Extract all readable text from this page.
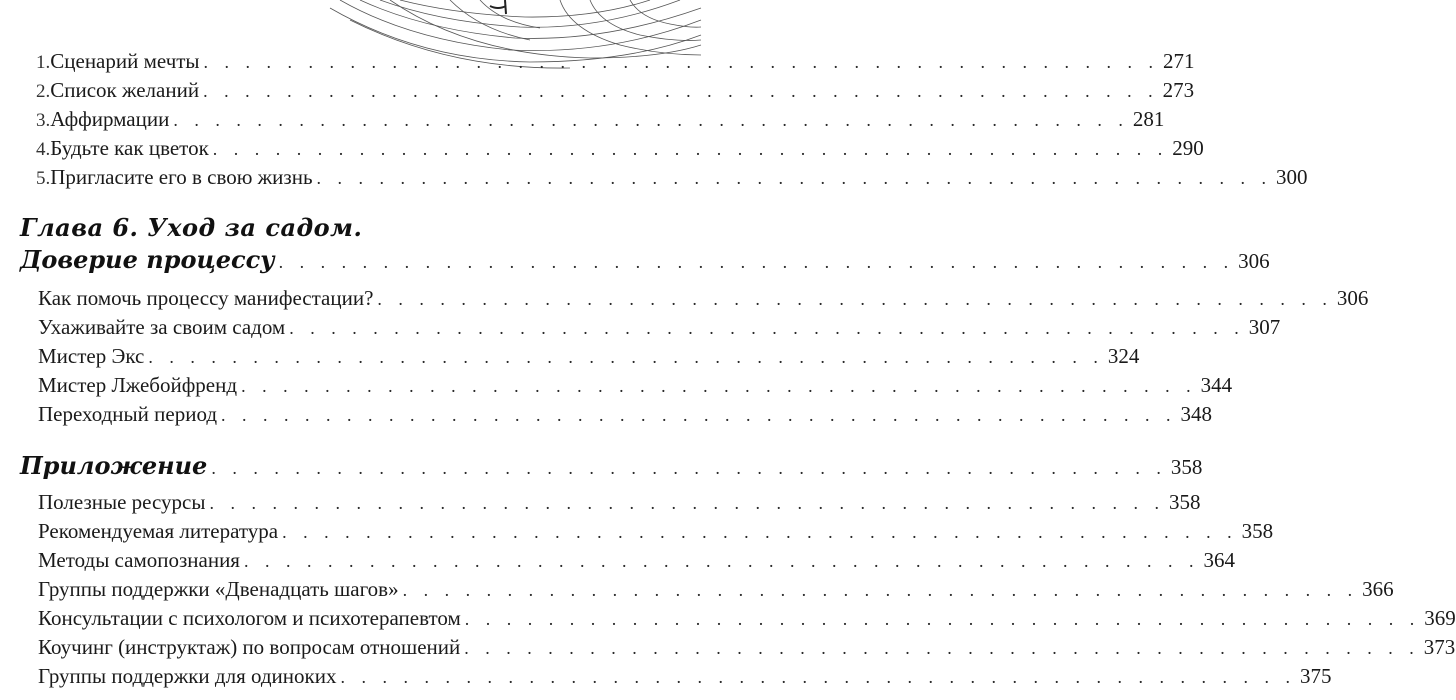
1. Сценарий мечты . . . . . . . . . . . . . . . . . . . . . . . . . . . . . . . . . . . . . . . . . . . . . . 271
2. Список желаний . . . . . . . . . . . . . . . . . . . . . . . . . . . . . . . . . . . . . . . . . . . . . . 273
3. Аффирмации . . . . . . . . . . . . . . . . . . . . . . . . . . . . . . . . . . . . . . . . . . . . . . 281
4. Будьте как цветок . . . . . . . . . . . . . . . . . . . . . . . . . . . . . . . . . . . . . . . . . . . . . . 290
5. Пригласите его в свою жизнь . . . . . . . . . . . . . . . . . . . . . . . . . . . . . . . . . . . . . . . . . . . . . . 300
Глава 6. Уход за садом.
Доверие процессу . . . . . . . . . . . . . . . . . . . . . . . . . . . . . . . . . . . . . . . . . . . . . . 306
Как помочь процессу манифестации? . . . . . . . . . . . . . . . . . . . . . . . . . . . . . . . . . . . . . . . . . . . . . . 306
Ухаживайте за своим садом . . . . . . . . . . . . . . . . . . . . . . . . . . . . . . . . . . . . . . . . . . . . . . 307
Мистер Экс . . . . . . . . . . . . . . . . . . . . . . . . . . . . . . . . . . . . . . . . . . . . . . 324
Мистер Лжебойфренд . . . . . . . . . . . . . . . . . . . . . . . . . . . . . . . . . . . . . . . . . . . . . . 344
Переходный период . . . . . . . . . . . . . . . . . . . . . . . . . . . . . . . . . . . . . . . . . . . . . . 348
Приложение . . . . . . . . . . . . . . . . . . . . . . . . . . . . . . . . . . . . . . . . . . . . . . 358
Полезные ресурсы . . . . . . . . . . . . . . . . . . . . . . . . . . . . . . . . . . . . . . . . . . . . . . 358
Рекомендуемая литература . . . . . . . . . . . . . . . . . . . . . . . . . . . . . . . . . . . . . . . . . . . . . . 358
Методы самопознания . . . . . . . . . . . . . . . . . . . . . . . . . . . . . . . . . . . . . . . . . . . . . . 364
Группы поддержки «Двенадцать шагов» . . . . . . . . . . . . . . . . . . . . . . . . . . . . . . . . . . . . . . . . . . . . . . 366
Консультации с психологом и психотерапевтом . . . . . . . . . . . . . . . . . . . . . . . . . . . . . . . . . . . . . . . . . . . . . . 369
Коучинг (инструктаж) по вопросам отношений . . . . . . . . . . . . . . . . . . . . . . . . . . . . . . . . . . . . . . . . . . . . . . 373
Группы поддержки для одиноких . . . . . . . . . . . . . . . . . . . . . . . . . . . . . . . . . . . . . . . . . . . . . . 375
